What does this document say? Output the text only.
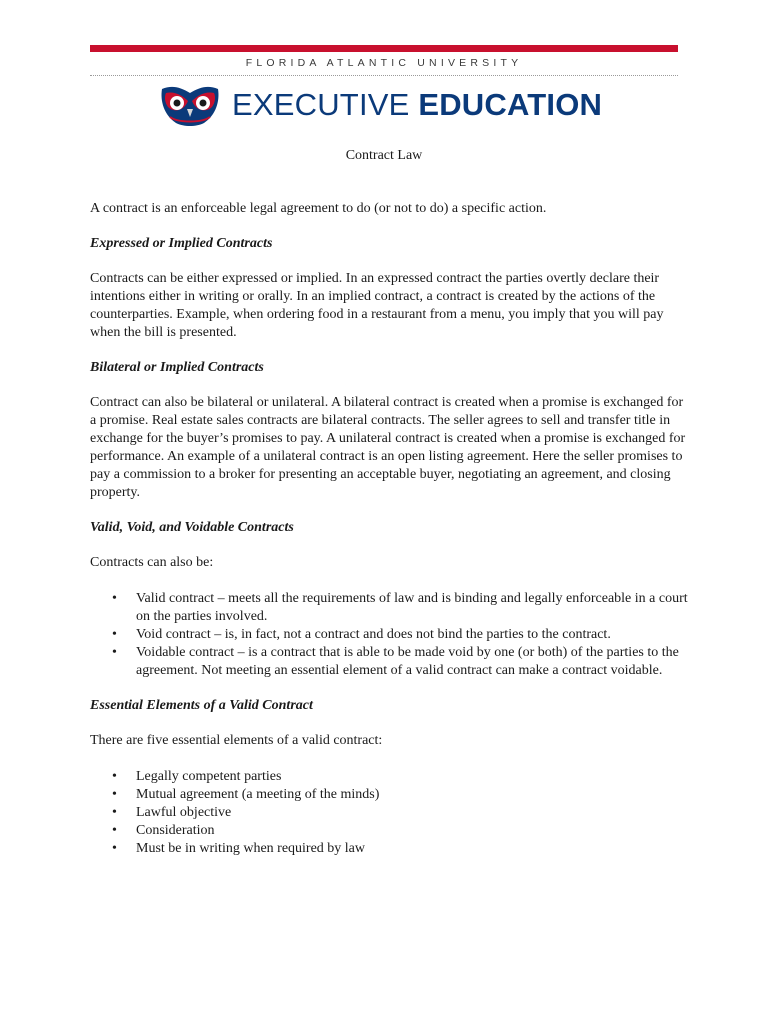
FLORIDA ATLANTIC UNIVERSITY
EXECUTIVE EDUCATION
Contract Law

A contract is an enforceable legal agreement to do (or not to do) a specific action.

Expressed or Implied Contracts

Contracts can be either expressed or implied. In an expressed contract the parties overtly declare their intentions either in writing or orally. In an implied contract, a contract is created by the actions of the counterparties. Example, when ordering food in a restaurant from a menu, you imply that you will pay when the bill is presented.

Bilateral or Implied Contracts

Contract can also be bilateral or unilateral. A bilateral contract is created when a promise is exchanged for a promise. Real estate sales contracts are bilateral contracts. The seller agrees to sell and transfer title in exchange for the buyer’s promises to pay. A unilateral contract is created when a promise is exchanged for performance. An example of a unilateral contract is an open listing agreement. Here the seller promises to pay a commission to a broker for presenting an acceptable buyer, negotiating an agreement, and closing property.

Valid, Void, and Voidable Contracts

Contracts can also be:

• Valid contract – meets all the requirements of law and is binding and legally enforceable in a court on the parties involved.
• Void contract – is, in fact, not a contract and does not bind the parties to the contract.
• Voidable contract – is a contract that is able to be made void by one (or both) of the parties to the agreement. Not meeting an essential element of a valid contract can make a contract voidable.

Essential Elements of a Valid Contract

There are five essential elements of a valid contract:

• Legally competent parties
• Mutual agreement (a meeting of the minds)
• Lawful objective
• Consideration
• Must be in writing when required by law
